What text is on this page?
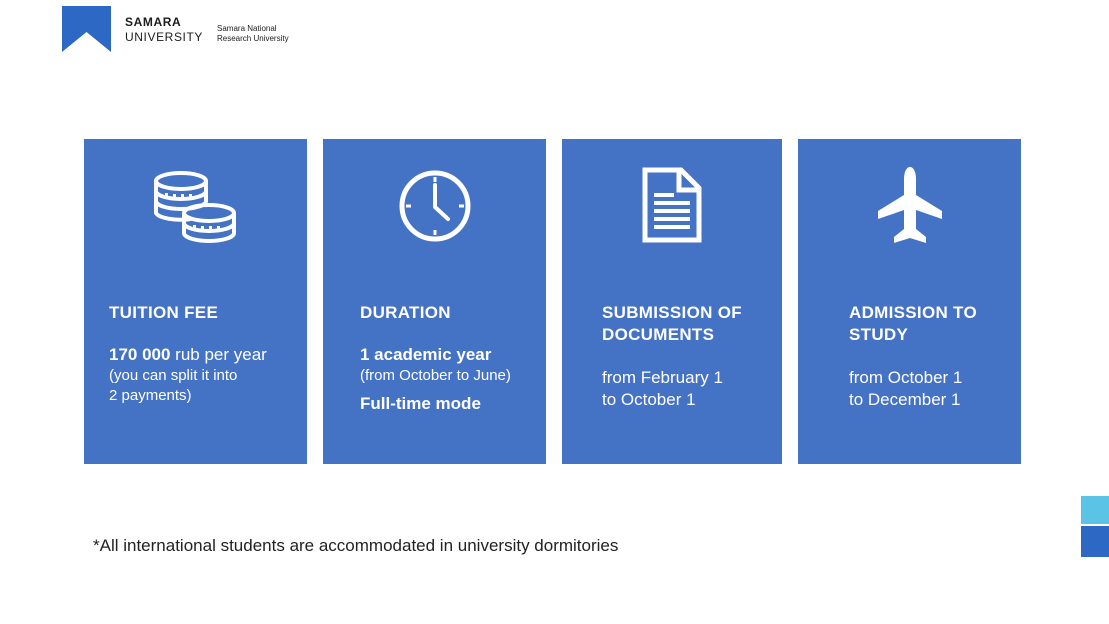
SAMARA
UNIVERSITY
Samara National
Research University
TUITION FEE
170 000 rub per year
(you can split it into
2 payments)
DURATION
1 academic year
(from October to June)
Full-time mode
SUBMISSION OF
DOCUMENTS
from February 1
to October 1
ADMISSION TO
STUDY
from October 1
to December 1
*All international students are accommodated in university dormitories
